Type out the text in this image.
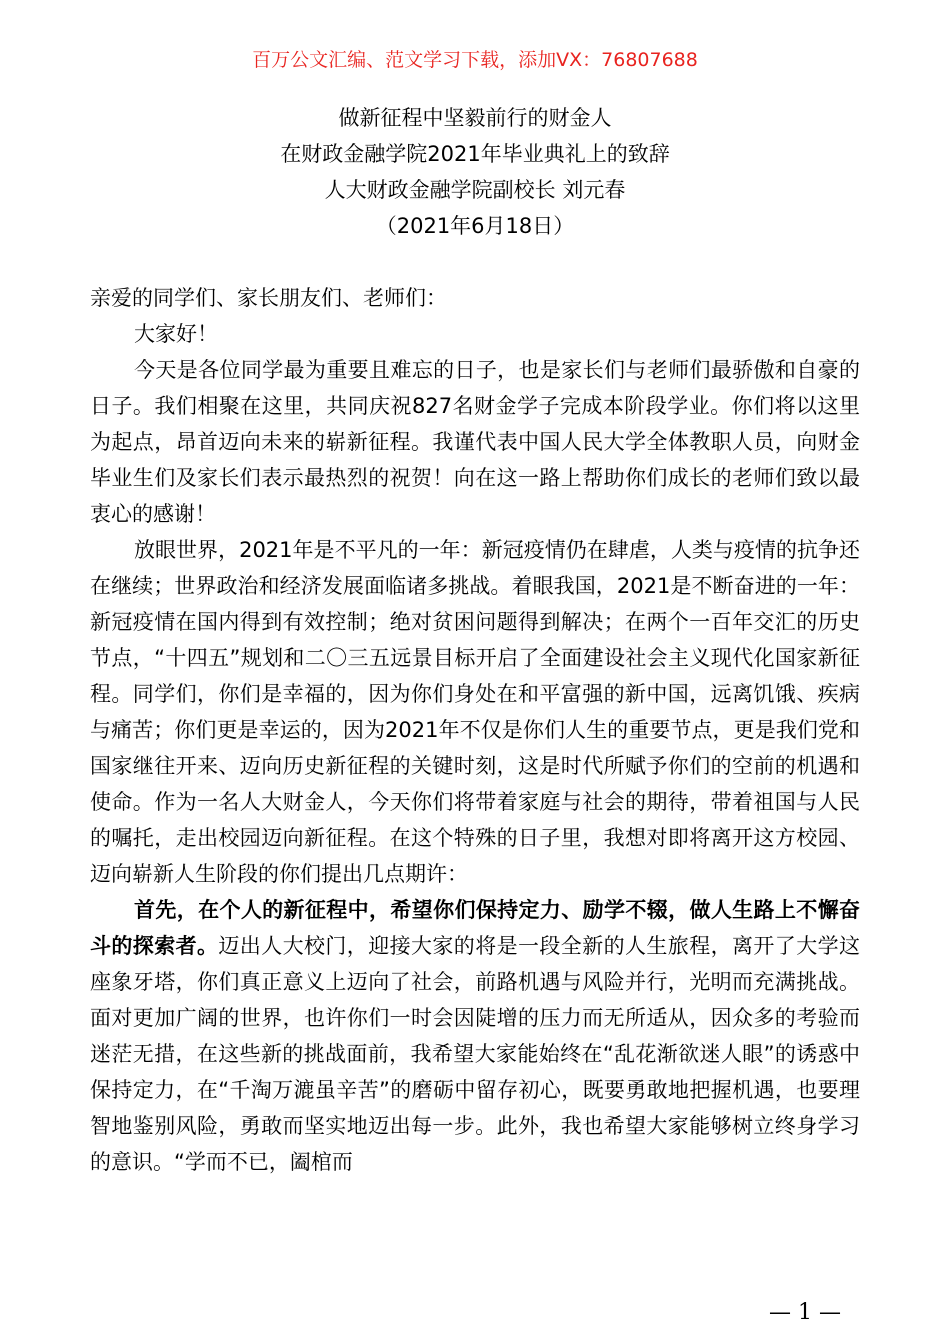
百万公文汇编、范文学习下载，添加VX：76807688
做新征程中坚毅前行的财金人
在财政金融学院2021年毕业典礼上的致辞
人大财政金融学院副校长 刘元春
（2021年6月18日）

亲爱的同学们、家长朋友们、老师们：

大家好！

今天是各位同学最为重要且难忘的日子，也是家长们与老师们最骄傲和自豪的日子。我们相聚在这里，共同庆祝827名财金学子完成本阶段学业。你们将以这里为起点，昂首迈向未来的崭新征程。我谨代表中国人民大学全体教职人员，向财金毕业生们及家长们表示最热烈的祝贺！向在这一路上帮助你们成长的老师们致以最衷心的感谢！

放眼世界，2021年是不平凡的一年：新冠疫情仍在肆虐，人类与疫情的抗争还在继续；世界政治和经济发展面临诸多挑战。着眼我国，2021是不断奋进的一年：新冠疫情在国内得到有效控制；绝对贫困问题得到解决；在两个一百年交汇的历史节点，“十四五”规划和二〇三五远景目标开启了全面建设社会主义现代化国家新征程。同学们，你们是幸福的，因为你们身处在和平富强的新中国，远离饥饿、疾病与痛苦；你们更是幸运的，因为2021年不仅是你们人生的重要节点，更是我们党和国家继往开来、迈向历史新征程的关键时刻，这是时代所赋予你们的空前的机遇和使命。作为一名人大财金人，今天你们将带着家庭与社会的期待，带着祖国与人民的嘱托，走出校园迈向新征程。在这个特殊的日子里，我想对即将离开这方校园、迈向崭新人生阶段的你们提出几点期许：

首先，在个人的新征程中，希望你们保持定力、励学不辍，做人生路上不懈奋斗的探索者。迈出人大校门，迎接大家的将是一段全新的人生旅程，离开了大学这座象牙塔，你们真正意义上迈向了社会，前路机遇与风险并行，光明而充满挑战。面对更加广阔的世界，也许你们一时会因陡增的压力而无所适从，因众多的考验而迷茫无措，在这些新的挑战面前，我希望大家能始终在“乱花渐欲迷人眼”的诱惑中保持定力，在“千淘万漉虽辛苦”的磨砺中留存初心，既要勇敢地把握机遇，也要理智地鉴别风险，勇敢而坚实地迈出每一步。此外，我也希望大家能够树立终身学习的意识。“学而不已，阖棺而

— 1 —
